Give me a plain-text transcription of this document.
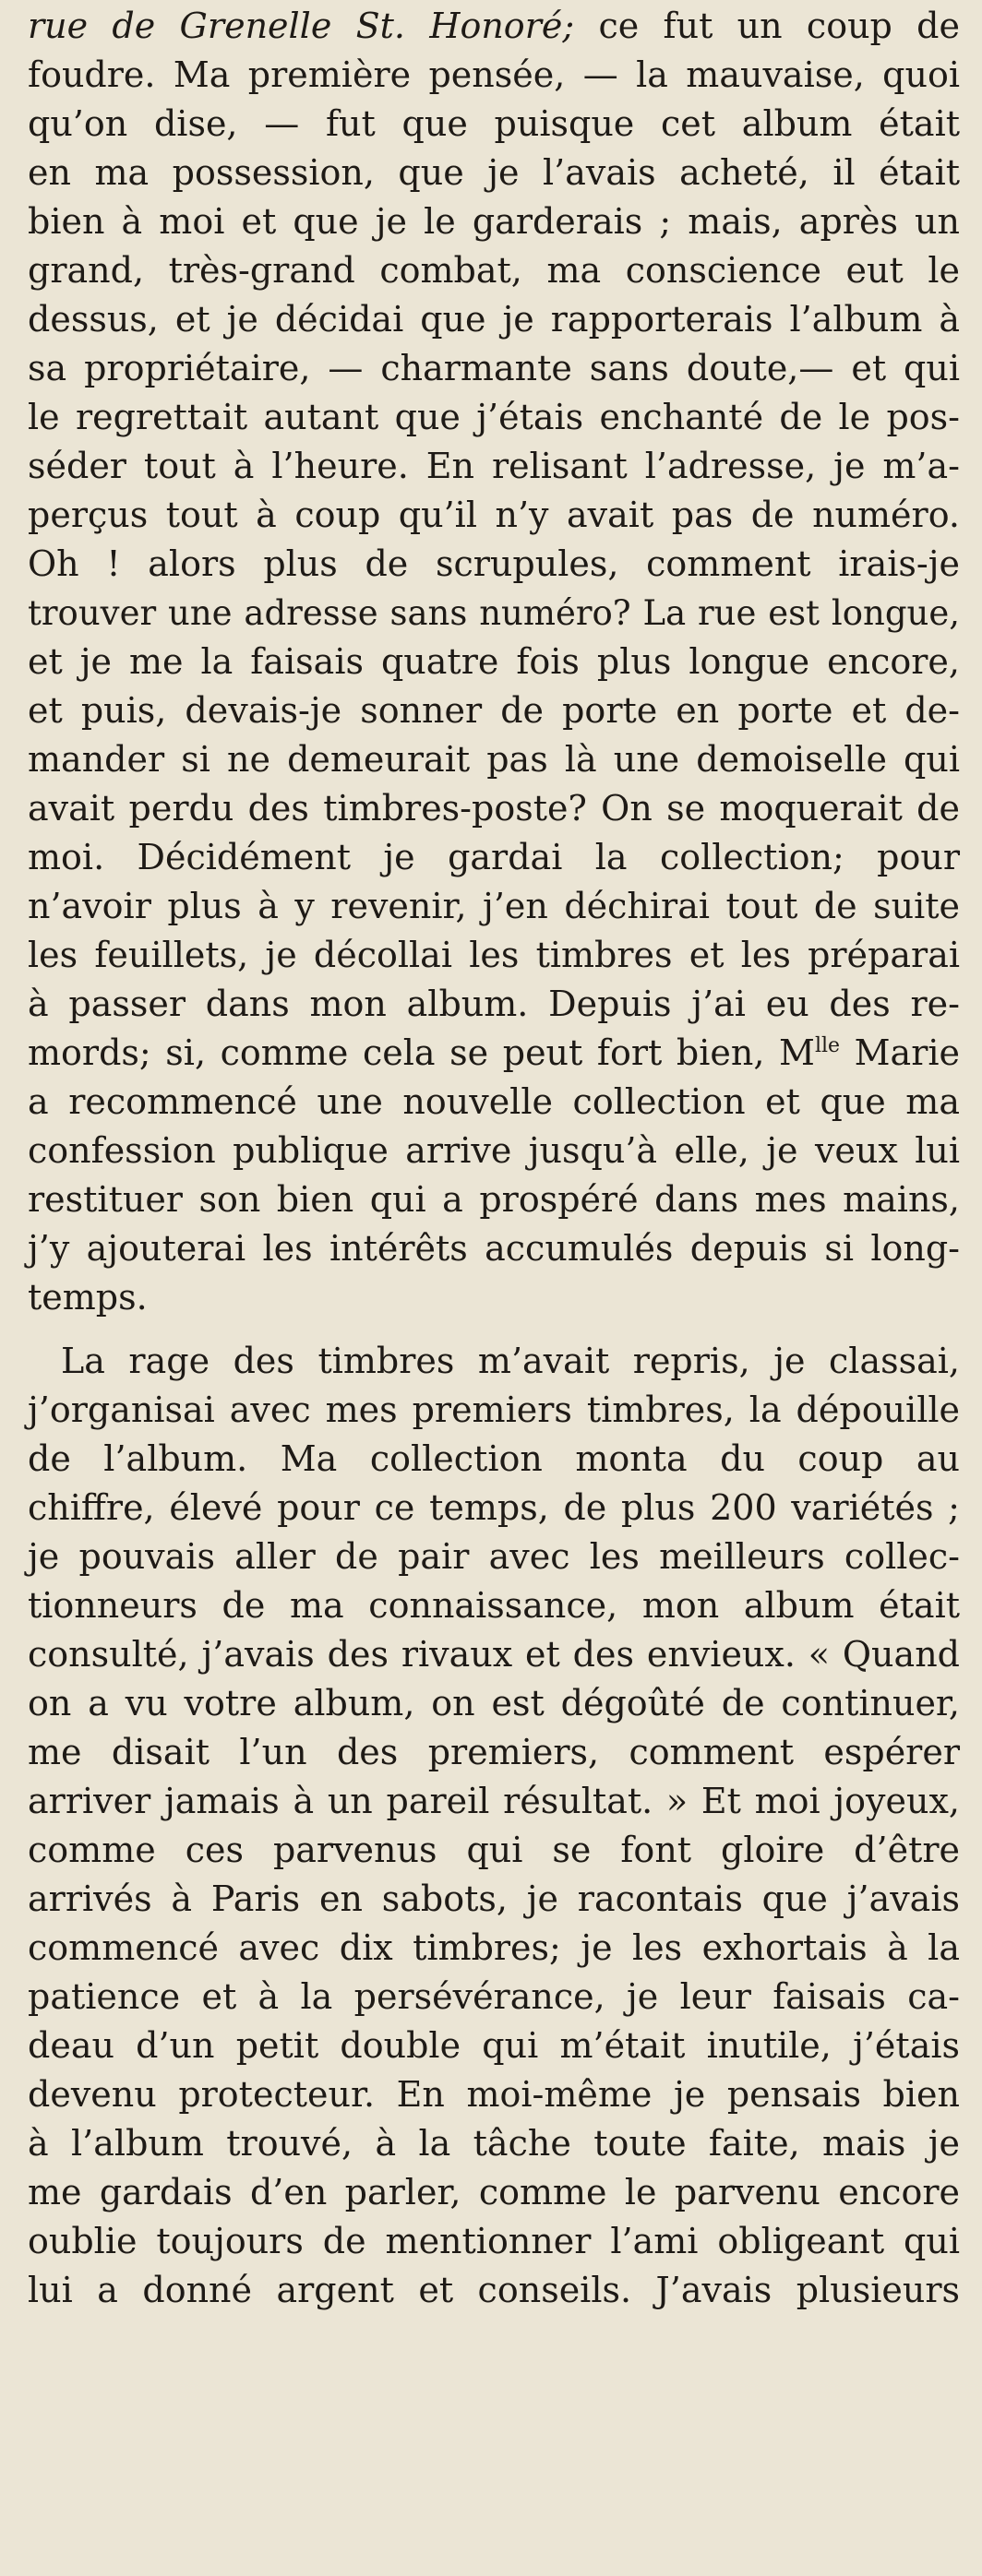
rue de Grenelle St. Honoré; ce fut un coup de
foudre. Ma première pensée, — la mauvaise, quoi
qu’on dise, — fut que puisque cet album était
en ma possession, que je l’avais acheté, il était
bien à moi et que je le garderais ; mais, après un
grand, très-grand combat, ma conscience eut le
dessus, et je décidai que je rapporterais l’album à
sa propriétaire, — charmante sans doute,— et qui
le regrettait autant que j’étais enchanté de le pos-
séder tout à l’heure. En relisant l’adresse, je m’a-
perçus tout à coup qu’il n’y avait pas de numéro.
Oh ! alors plus de scrupules, comment irais-je
trouver une adresse sans numéro? La rue est longue,
et je me la faisais quatre fois plus longue encore,
et puis, devais-je sonner de porte en porte et de-
mander si ne demeurait pas là une demoiselle qui
avait perdu des timbres-poste? On se moquerait de
moi. Décidément je gardai la collection; pour
n’avoir plus à y revenir, j’en déchirai tout de suite
les feuillets, je décollai les timbres et les préparai
à passer dans mon album. Depuis j’ai eu des re-
mords; si, comme cela se peut fort bien, $M^{lle}$ Marie
a recommencé une nouvelle collection et que ma
confession publique arrive jusqu’à elle, je veux lui
restituer son bien qui a prospéré dans mes mains,
j’y ajouterai les intérêts accumulés depuis si long-
temps.
La rage des timbres m’avait repris, je classai,
j’organisai avec mes premiers timbres, la dépouille
de l’album. Ma collection monta du coup au
chiffre, élevé pour ce temps, de plus 200 variétés ;
je pouvais aller de pair avec les meilleurs collec-
tionneurs de ma connaissance, mon album était
consulté, j’avais des rivaux et des envieux. « Quand
on a vu votre album, on est dégoûté de continuer,
me disait l’un des premiers, comment espérer
arriver jamais à un pareil résultat. » Et moi joyeux,
comme ces parvenus qui se font gloire d’être
arrivés à Paris en sabots, je racontais que j’avais
commencé avec dix timbres; je les exhortais à la
patience et à la persévérance, je leur faisais ca-
deau d’un petit double qui m’était inutile, j’étais
devenu protecteur. En moi-même je pensais bien
à l’album trouvé, à la tâche toute faite, mais je
me gardais d’en parler, comme le parvenu encore
oublie toujours de mentionner l’ami obligeant qui
lui a donné argent et conseils. J’avais plusieurs
